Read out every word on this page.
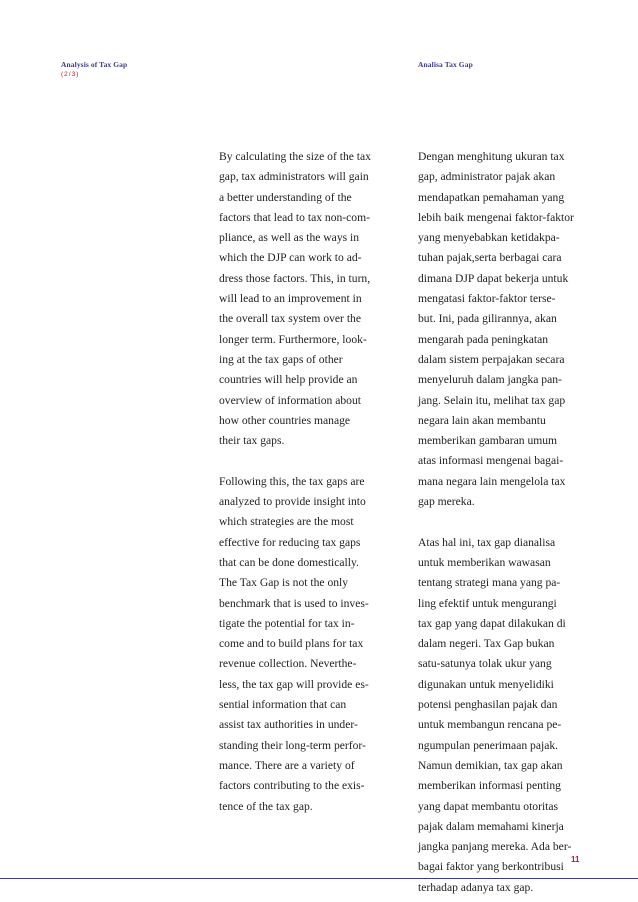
Analysis of Tax Gap
(2/3)
Analisa Tax Gap
By calculating the size of the tax
gap, tax administrators will gain
a better understanding of the
factors that lead to tax non-com-
pliance, as well as the ways in
which the DJP can work to ad-
dress those factors. This, in turn,
will lead to an improvement in
the overall tax system over the
longer term. Furthermore, look-
ing at the tax gaps of other
countries will help provide an
overview of information about
how other countries manage
their tax gaps.
Following this, the tax gaps are
analyzed to provide insight into
which strategies are the most
effective for reducing tax gaps
that can be done domestically.
The Tax Gap is not the only
benchmark that is used to inves-
tigate the potential for tax in-
come and to build plans for tax
revenue collection. Neverthe-
less, the tax gap will provide es-
sential information that can
assist tax authorities in under-
standing their long-term perfor-
mance. There are a variety of
factors contributing to the exis-
tence of the tax gap.
Dengan menghitung ukuran tax
gap, administrator pajak akan
mendapatkan pemahaman yang
lebih baik mengenai faktor-faktor
yang menyebabkan ketidakpa-
tuhan pajak,serta berbagai cara
dimana DJP dapat bekerja untuk
mengatasi faktor-faktor terse-
but. Ini, pada gilirannya, akan
mengarah pada peningkatan
dalam sistem perpajakan secara
menyeluruh dalam jangka pan-
jang. Selain itu, melihat tax gap
negara lain akan membantu
memberikan gambaran umum
atas informasi mengenai bagai-
mana negara lain mengelola tax
gap mereka.
Atas hal ini, tax gap dianalisa
untuk memberikan wawasan
tentang strategi mana yang pa-
ling efektif untuk mengurangi
tax gap yang dapat dilakukan di
dalam negeri. Tax Gap bukan
satu-satunya tolak ukur yang
digunakan untuk menyelidiki
potensi penghasilan pajak dan
untuk membangun rencana pe-
ngumpulan penerimaan pajak.
Namun demikian, tax gap akan
memberikan informasi penting
yang dapat membantu otoritas
pajak dalam memahami kinerja
jangka panjang mereka. Ada ber-
bagai faktor yang berkontribusi
terhadap adanya tax gap.
11
